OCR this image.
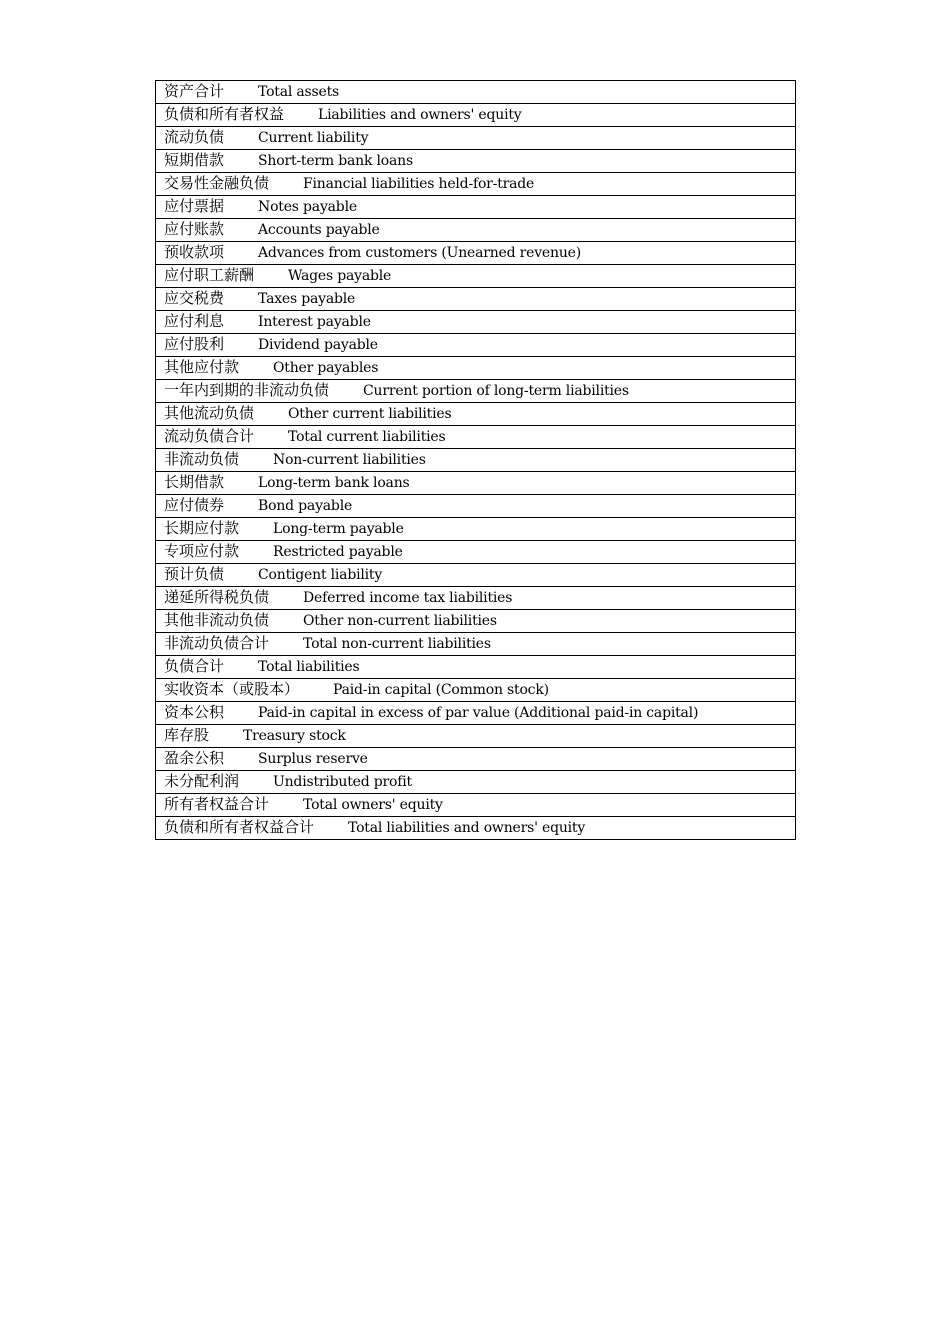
资产合计 Total assets
负债和所有者权益 Liabilities and owners' equity
流动负债 Current liability
短期借款 Short-term bank loans
交易性金融负债 Financial liabilities held-for-trade
应付票据 Notes payable
应付账款 Accounts payable
预收款项 Advances from customers (Unearned revenue)
应付职工薪酬 Wages payable
应交税费 Taxes payable
应付利息 Interest payable
应付股利 Dividend payable
其他应付款 Other payables
一年内到期的非流动负债 Current portion of long-term liabilities
其他流动负债 Other current liabilities
流动负债合计 Total current liabilities
非流动负债 Non-current liabilities
长期借款 Long-term bank loans
应付债券 Bond payable
长期应付款 Long-term payable
专项应付款 Restricted payable
预计负债 Contigent liability
递延所得税负债 Deferred income tax liabilities
其他非流动负债 Other non-current liabilities
非流动负债合计 Total non-current liabilities
负债合计 Total liabilities
实收资本（或股本） Paid-in capital (Common stock)
资本公积 Paid-in capital in excess of par value (Additional paid-in capital)
库存股 Treasury stock
盈余公积 Surplus reserve
未分配利润 Undistributed profit
所有者权益合计 Total owners' equity
负债和所有者权益合计 Total liabilities and owners' equity
